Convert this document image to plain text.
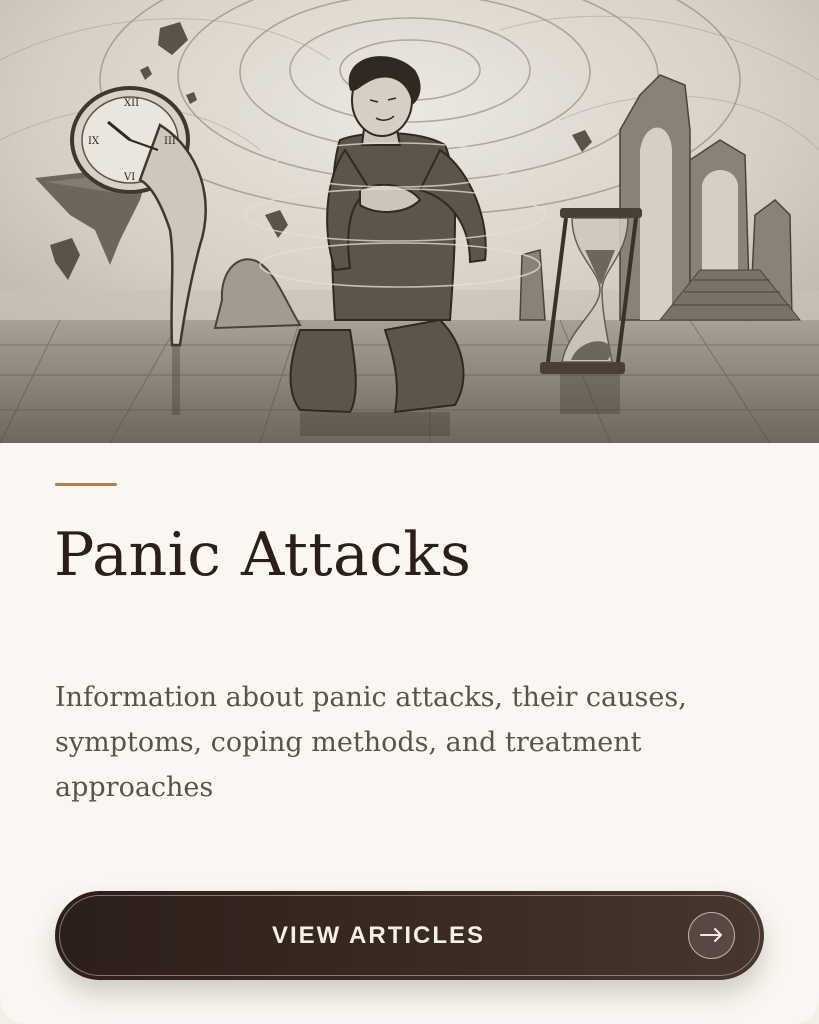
XII
III
VI
IX
Panic Attacks

Information about panic attacks, their causes, symptoms, coping methods, and treatment approaches

VIEW ARTICLES
